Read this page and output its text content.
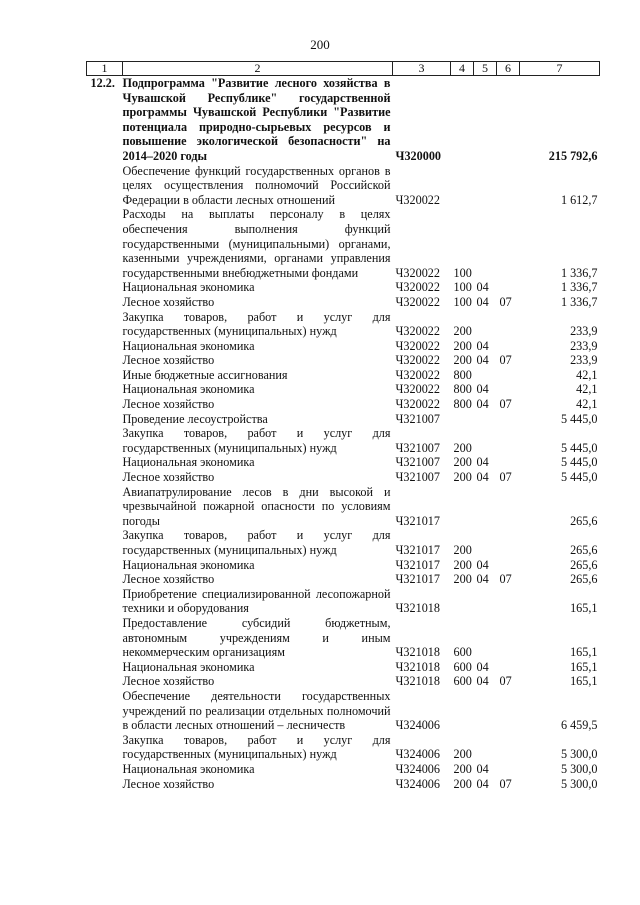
200
1	2	3	4	5	6	7
12.2.	Подпрограмма "Развитие лесного хозяйства в Чувашской Республике" государственной программы Чувашской Республики "Развитие потенциала природно-сырьевых ресурсов и повышение экологической безопасности" на 2014–2020 годы	Ч320000				215 792,6
	Обеспечение функций государственных органов в целях осуществления полномочий Российской Федерации в области лесных отношений	Ч320022				1 612,7
	Расходы на выплаты персоналу в целях обеспечения выполнения функций государственными (муниципальными) органами, казенными учреждениями, органами управления государственными внебюджетными фондами	Ч320022	100			1 336,7
	Национальная экономика	Ч320022	100	04		1 336,7
	Лесное хозяйство	Ч320022	100	04	07	1 336,7
	Закупка товаров, работ и услуг для государственных (муниципальных) нужд	Ч320022	200			233,9
	Национальная экономика	Ч320022	200	04		233,9
	Лесное хозяйство	Ч320022	200	04	07	233,9
	Иные бюджетные ассигнования	Ч320022	800			42,1
	Национальная экономика	Ч320022	800	04		42,1
	Лесное хозяйство	Ч320022	800	04	07	42,1
	Проведение лесоустройства	Ч321007				5 445,0
	Закупка товаров, работ и услуг для государственных (муниципальных) нужд	Ч321007	200			5 445,0
	Национальная экономика	Ч321007	200	04		5 445,0
	Лесное хозяйство	Ч321007	200	04	07	5 445,0
	Авиапатрулирование лесов в дни высокой и чрезвычайной пожарной опасности по условиям погоды	Ч321017				265,6
	Закупка товаров, работ и услуг для государственных (муниципальных) нужд	Ч321017	200			265,6
	Национальная экономика	Ч321017	200	04		265,6
	Лесное хозяйство	Ч321017	200	04	07	265,6
	Приобретение специализированной лесопожарной техники и оборудования	Ч321018				165,1
	Предоставление субсидий бюджетным, автономным учреждениям и иным некоммерческим организациям	Ч321018	600			165,1
	Национальная экономика	Ч321018	600	04		165,1
	Лесное хозяйство	Ч321018	600	04	07	165,1
	Обеспечение деятельности государственных учреждений по реализации отдельных полномочий в области лесных отношений – лесничеств	Ч324006				6 459,5
	Закупка товаров, работ и услуг для государственных (муниципальных) нужд	Ч324006	200			5 300,0
	Национальная экономика	Ч324006	200	04		5 300,0
	Лесное хозяйство	Ч324006	200	04	07	5 300,0
